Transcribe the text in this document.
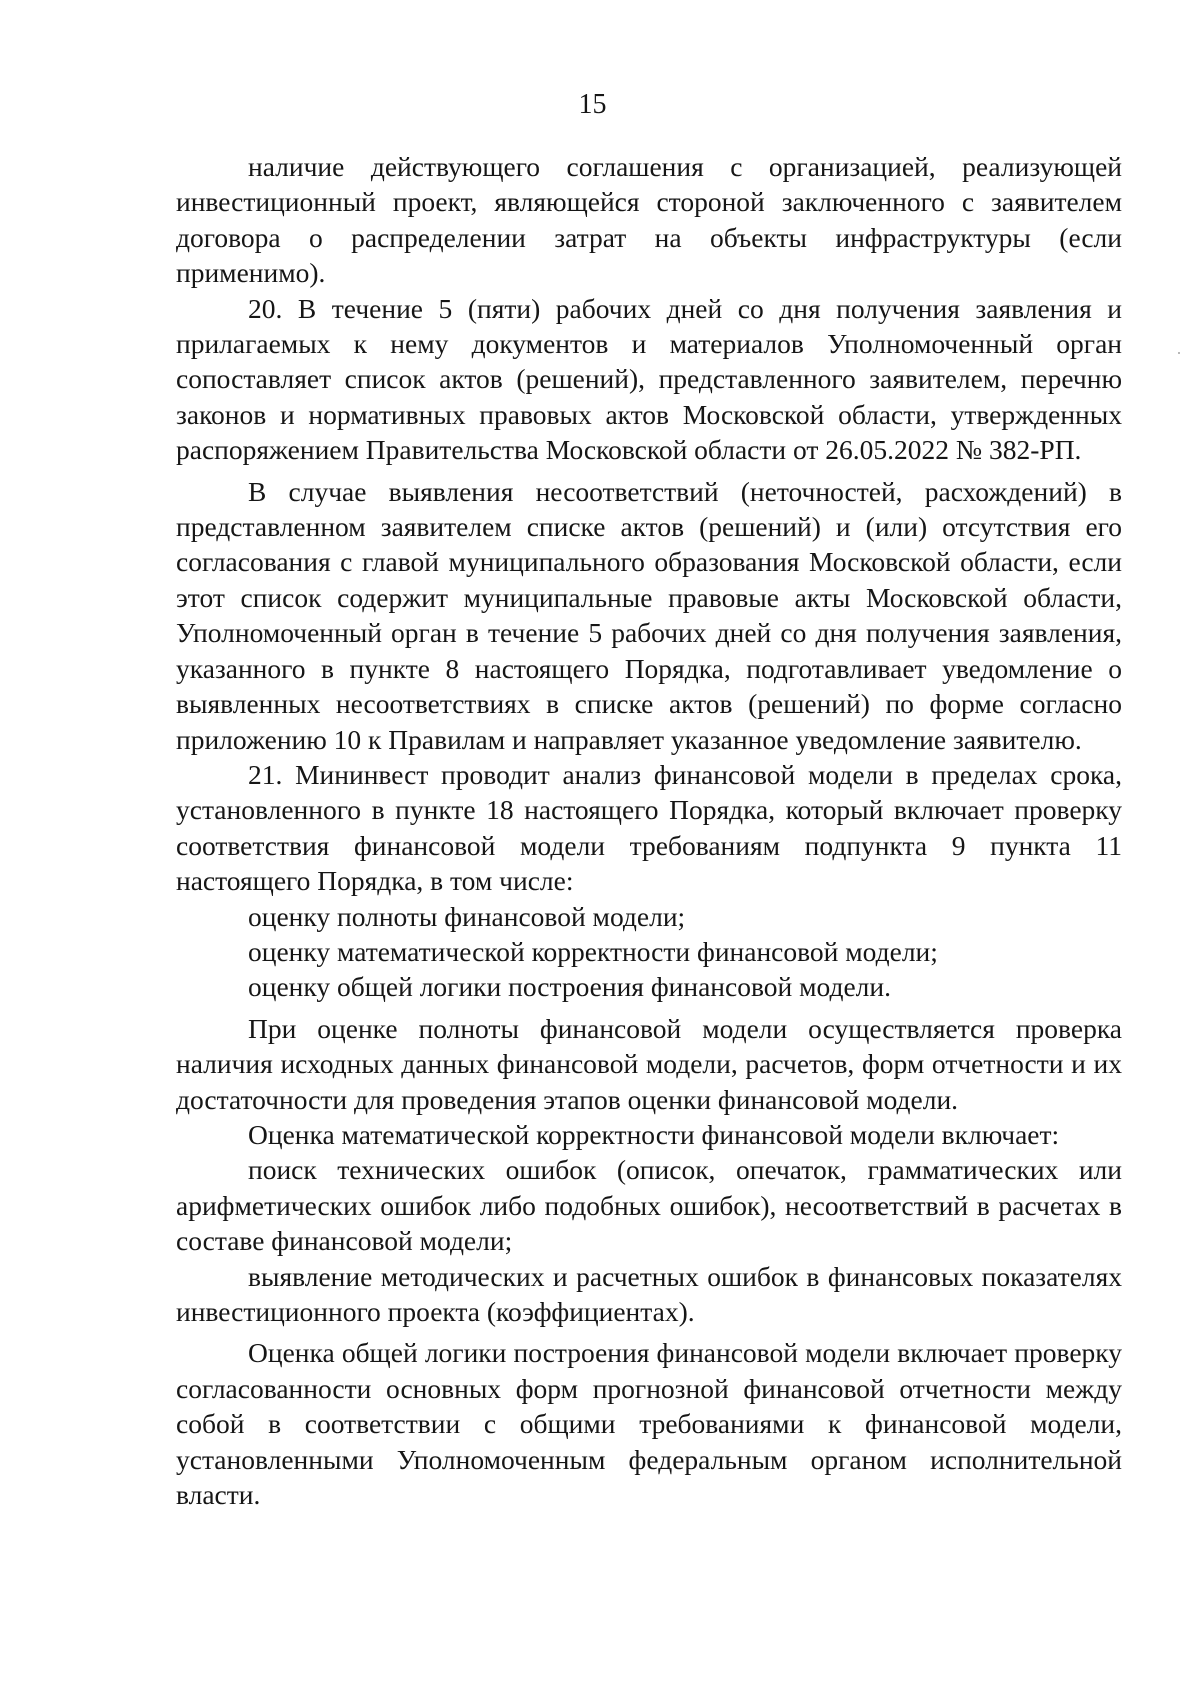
15

наличие действующего соглашения с организацией, реализующей инвестиционный проект, являющейся стороной заключенного с заявителем договора о распределении затрат на объекты инфраструктуры (если применимо).

20. В течение 5 (пяти) рабочих дней со дня получения заявления и прилагаемых к нему документов и материалов Уполномоченный орган сопоставляет список актов (решений), представленного заявителем, перечню законов и нормативных правовых актов Московской области, утвержденных распоряжением Правительства Московской области от 26.05.2022 № 382-РП.

В случае выявления несоответствий (неточностей, расхождений) в представленном заявителем списке актов (решений) и (или) отсутствия его согласования с главой муниципального образования Московской области, если этот список содержит муниципальные правовые акты Московской области, Уполномоченный орган в течение 5 рабочих дней со дня получения заявления, указанного в пункте 8 настоящего Порядка, подготавливает уведомление о выявленных несоответствиях в списке актов (решений) по форме согласно приложению 10 к Правилам и направляет указанное уведомление заявителю.

21. Мининвест проводит анализ финансовой модели в пределах срока, установленного в пункте 18 настоящего Порядка, который включает проверку соответствия финансовой модели требованиям подпункта 9 пункта 11 настоящего Порядка, в том числе:

оценку полноты финансовой модели;

оценку математической корректности финансовой модели;

оценку общей логики построения финансовой модели.

При оценке полноты финансовой модели осуществляется проверка наличия исходных данных финансовой модели, расчетов, форм отчетности и их достаточности для проведения этапов оценки финансовой модели.

Оценка математической корректности финансовой модели включает:

поиск технических ошибок (описок, опечаток, грамматических или арифметических ошибок либо подобных ошибок), несоответствий в расчетах в составе финансовой модели;

выявление методических и расчетных ошибок в финансовых показателях инвестиционного проекта (коэффициентах).

Оценка общей логики построения финансовой модели включает проверку согласованности основных форм прогнозной финансовой отчетности между собой в соответствии с общими требованиями к финансовой модели, установленными Уполномоченным федеральным органом исполнительной власти.
